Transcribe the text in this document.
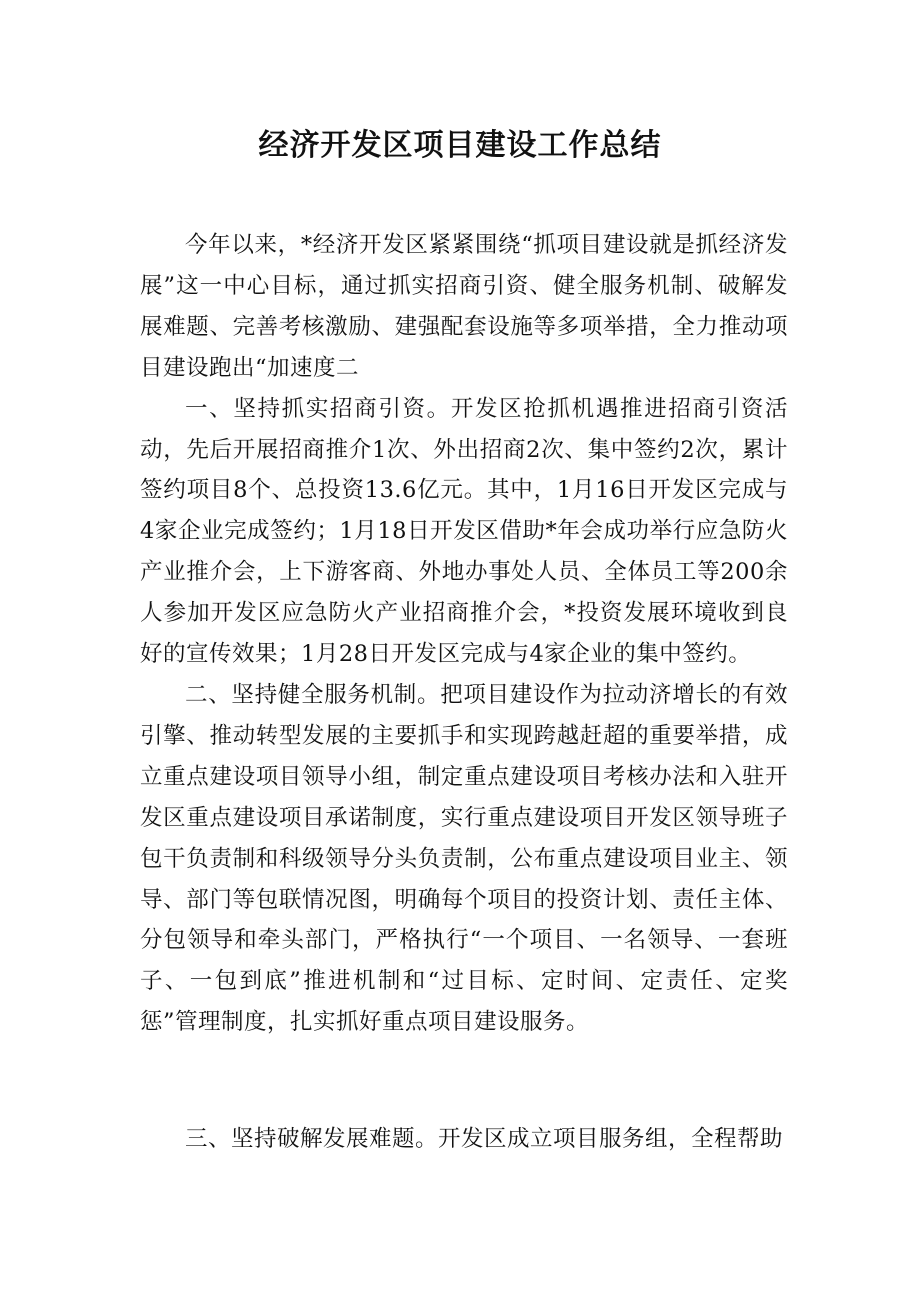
经济开发区项目建设工作总结

今年以来，*经济开发区紧紧围绕“抓项目建设就是抓经济发展”这一中心目标，通过抓实招商引资、健全服务机制、破解发展难题、完善考核激励、建强配套设施等多项举措，全力推动项目建设跑出“加速度二

一、坚持抓实招商引资。开发区抢抓机遇推进招商引资活动，先后开展招商推介1次、外出招商2次、集中签约2次，累计签约项目8个、总投资13.6亿元。其中，1月16日开发区完成与4家企业完成签约；1月18日开发区借助*年会成功举行应急防火产业推介会，上下游客商、外地办事处人员、全体员工等200余人参加开发区应急防火产业招商推介会，*投资发展环境收到良好的宣传效果；1月28日开发区完成与4家企业的集中签约。

二、坚持健全服务机制。把项目建设作为拉动济增长的有效引擎、推动转型发展的主要抓手和实现跨越赶超的重要举措，成立重点建设项目领导小组，制定重点建设项目考核办法和入驻开发区重点建设项目承诺制度，实行重点建设项目开发区领导班子包干负责制和科级领导分头负责制，公布重点建设项目业主、领导、部门等包联情况图，明确每个项目的投资计划、责任主体、分包领导和牵头部门，严格执行“一个项目、一名领导、一套班子、一包到底”推进机制和“过目标、定时间、定责任、定奖惩”管理制度，扎实抓好重点项目建设服务。

三、坚持破解发展难题。开发区成立项目服务组，全程帮助
